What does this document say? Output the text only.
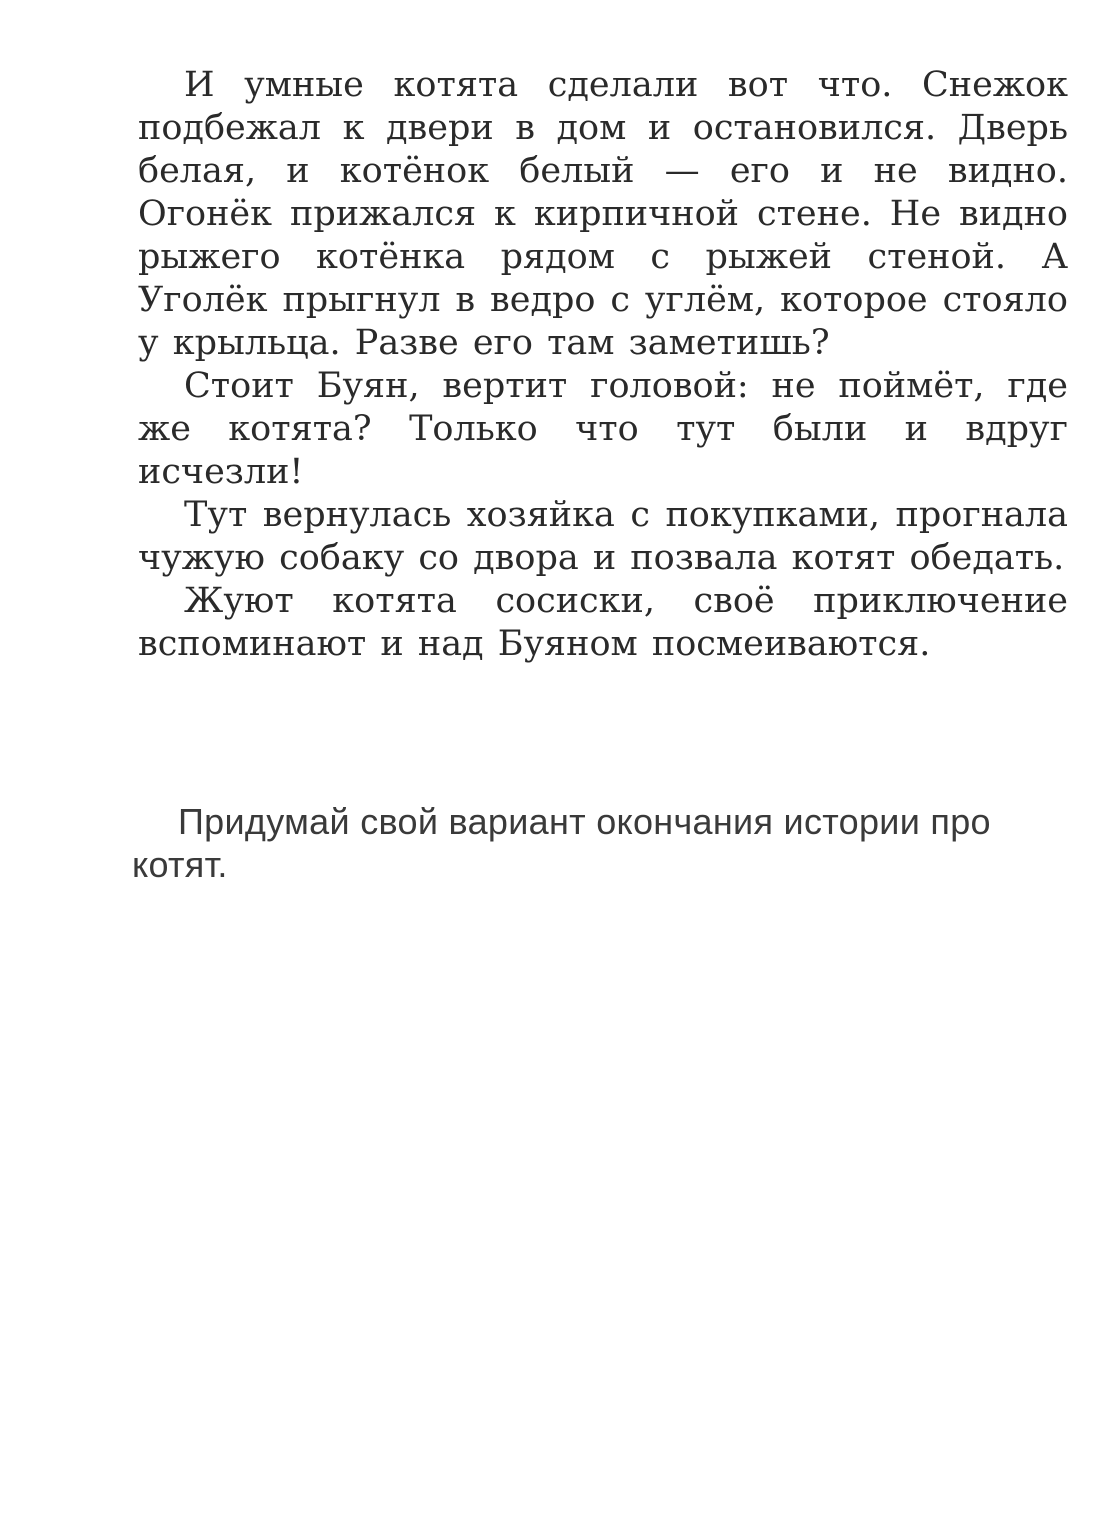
И умные котята сделали вот что. Снежок подбежал к двери в дом и остановился. Дверь белая, и котёнок белый — его и не видно. Огонёк прижался к кирпичной стене. Не видно рыжего котёнка рядом с рыжей стеной. А Уголёк прыгнул в ведро с углём, которое стояло у крыльца. Разве его там заметишь?

Стоит Буян, вертит головой: не поймёт, где же котята? Только что тут были и вдруг исчезли!

Тут вернулась хозяйка с покупками, прогнала чужую собаку со двора и позвала котят обедать.

Жуют котята сосиски, своё приключение вспоминают и над Буяном посмеиваются.

Придумай свой вариант окончания истории про котят.
